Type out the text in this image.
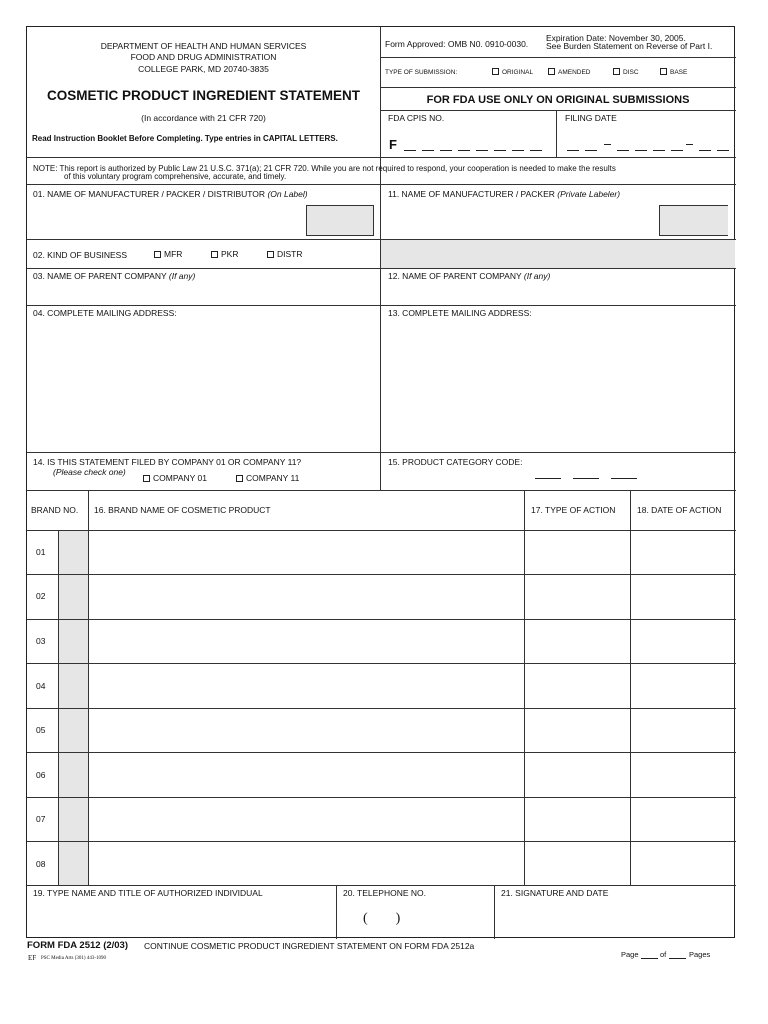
DEPARTMENT OF HEALTH AND HUMAN SERVICES
FOOD AND DRUG ADMINISTRATION
COLLEGE PARK, MD 20740-3835
COSMETIC PRODUCT INGREDIENT STATEMENT
(In accordance with 21 CFR 720)
Read Instruction Booklet Before Completing. Type entries in CAPITAL LETTERS.
Form Approved: OMB N0. 0910-0030.
Expiration Date: November 30, 2005.
See Burden Statement on Reverse of Part I.
TYPE OF SUBMISSION:	ORIGINAL	AMENDED	DISC	BASE
FOR FDA USE ONLY ON ORIGINAL SUBMISSIONS
FDA CPIS NO.	FILING DATE
F
NOTE: This report is authorized by Public Law 21 U.S.C. 371(a); 21 CFR 720. While you are not required to respond, your cooperation is needed to make the results
of this voluntary program comprehensive, accurate, and timely.
01. NAME OF MANUFACTURER / PACKER / DISTRIBUTOR (On Label)	11. NAME OF MANUFACTURER / PACKER (Private Labeler)
02. KIND OF BUSINESS	MFR	PKR	DISTR
03. NAME OF PARENT COMPANY (If any)	12. NAME OF PARENT COMPANY (If any)
04. COMPLETE MAILING ADDRESS:	13. COMPLETE MAILING ADDRESS:
14. IS THIS STATEMENT FILED BY COMPANY 01 OR COMPANY 11?
(Please check one)
COMPANY 01	COMPANY 11
15. PRODUCT CATEGORY CODE:
BRAND NO. 16. BRAND NAME OF COSMETIC PRODUCT	17. TYPE OF ACTION	18. DATE OF ACTION
01
02
03
04
05
06
07
08
19. TYPE NAME AND TITLE OF AUTHORIZED INDIVIDUAL	20. TELEPHONE NO.
(        )
21. SIGNATURE AND DATE
FORM FDA 2512 (2/03) CONTINUE COSMETIC PRODUCT INGREDIENT STATEMENT ON FORM FDA 2512a
EF PSC Media Arts (301) 443-1090	Page	of	Pages
